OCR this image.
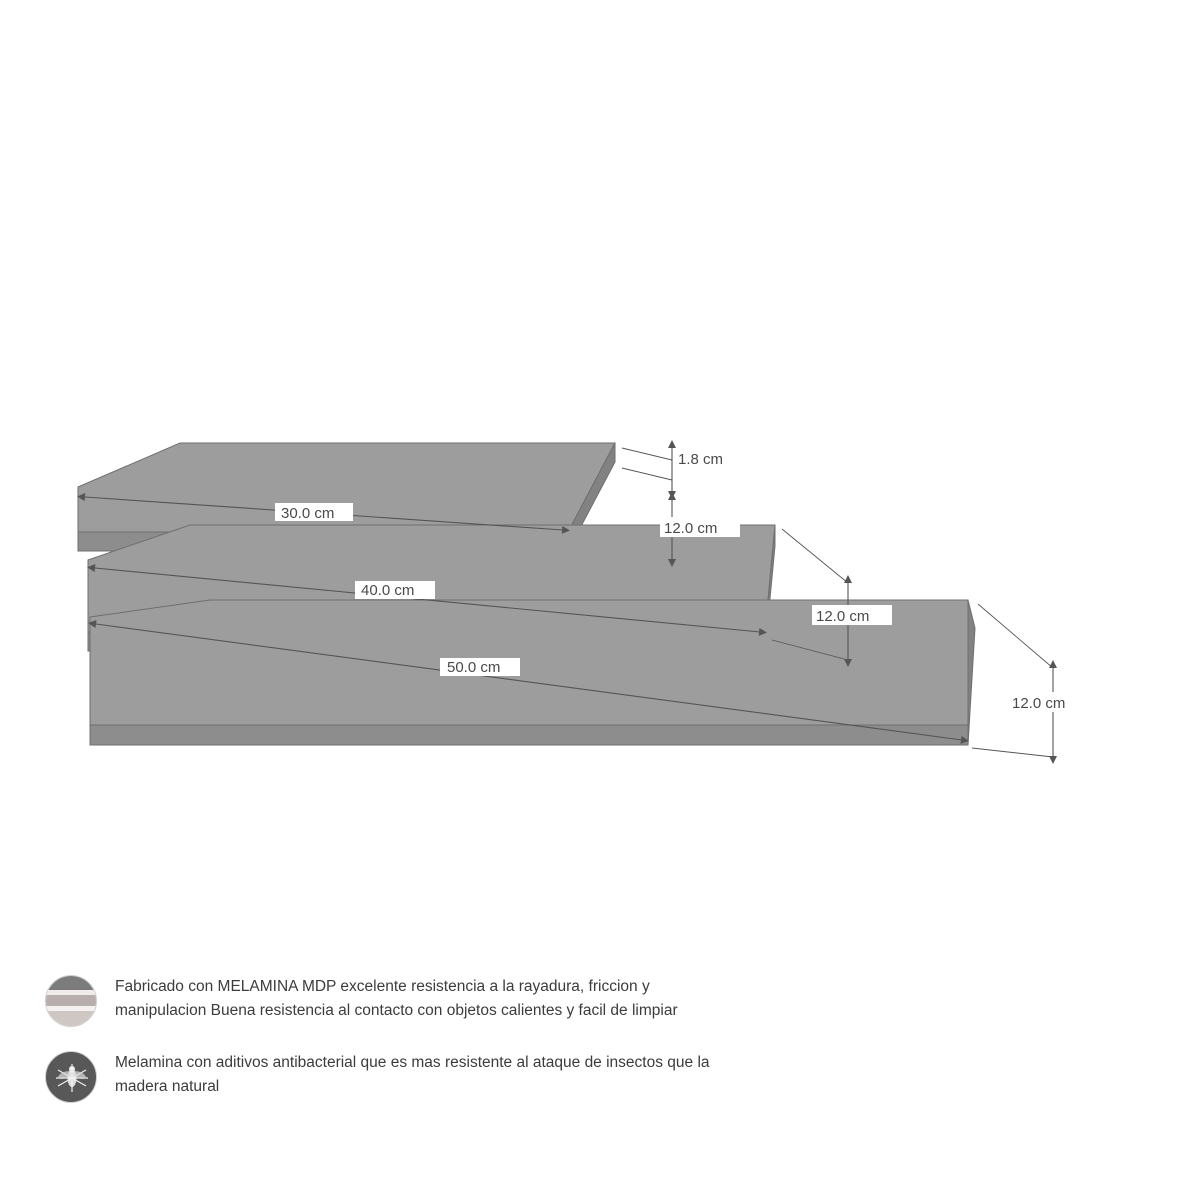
30.0 cm
1.8 cm
12.0 cm
40.0 cm
12.0 cm
50.0 cm
12.0 cm
Fabricado con MELAMINA MDP excelente resistencia a la rayadura, friccion y manipulacion Buena resistencia al contacto con objetos calientes y facil de limpiar
Melamina con aditivos antibacterial que es mas resistente al ataque de insectos que la madera natural
